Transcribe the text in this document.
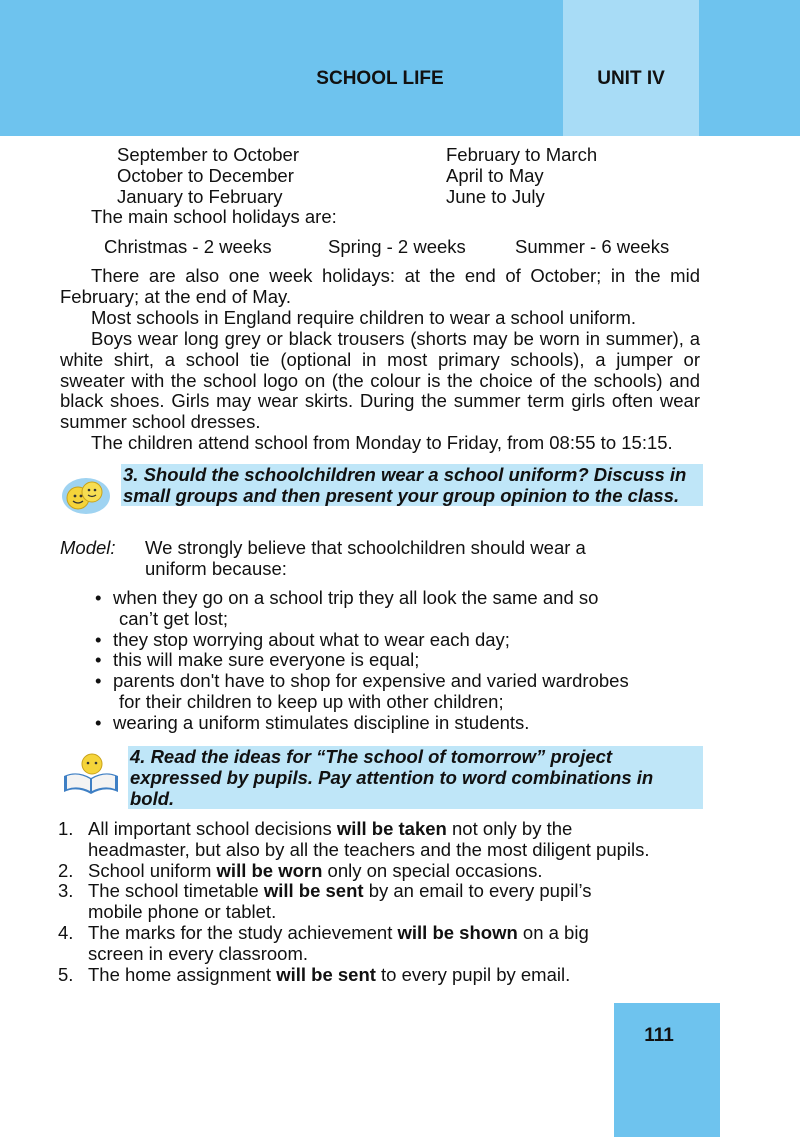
SCHOOL LIFE	UNIT IV
September to October	February to March
October to December	April to May
January to February	June to July
The main school holidays are:
Christmas - 2 weeks	Spring - 2 weeks	Summer - 6 weeks
There are also one week holidays: at the end of October; in the mid February; at the end of May.
Most schools in England require children to wear a school uniform.
Boys wear long grey or black trousers (shorts may be worn in summer), a white shirt, a school tie (optional in most primary schools), a jumper or sweater with the school logo on (the colour is the choice of the schools) and black shoes. Girls may wear skirts. During the summer term girls often wear summer school dresses.
The children attend school from Monday to Friday, from 08:55 to 15:15.
3. Should the schoolchildren wear a school uniform? Discuss in small groups and then present your group opinion to the class.
Model: We strongly believe that schoolchildren should wear a
uniform because:
• when they go on a school trip they all look the same and so
can’t get lost;
• they stop worrying about what to wear each day;
• this will make sure everyone is equal;
• parents don't have to shop for expensive and varied wardrobes
for their children to keep up with other children;
• wearing a uniform stimulates discipline in students.
4. Read the ideas for “The school of tomorrow” project expressed by pupils. Pay attention to word combinations in bold.
1. All important school decisions will be taken not only by the
headmaster, but also by all the teachers and the most diligent pupils.
2. School uniform will be worn only on special occasions.
3. The school timetable will be sent by an email to every pupil’s
mobile phone or tablet.
4. The marks for the study achievement will be shown on a big
screen in every classroom.
5. The home assignment will be sent to every pupil by email.
111
